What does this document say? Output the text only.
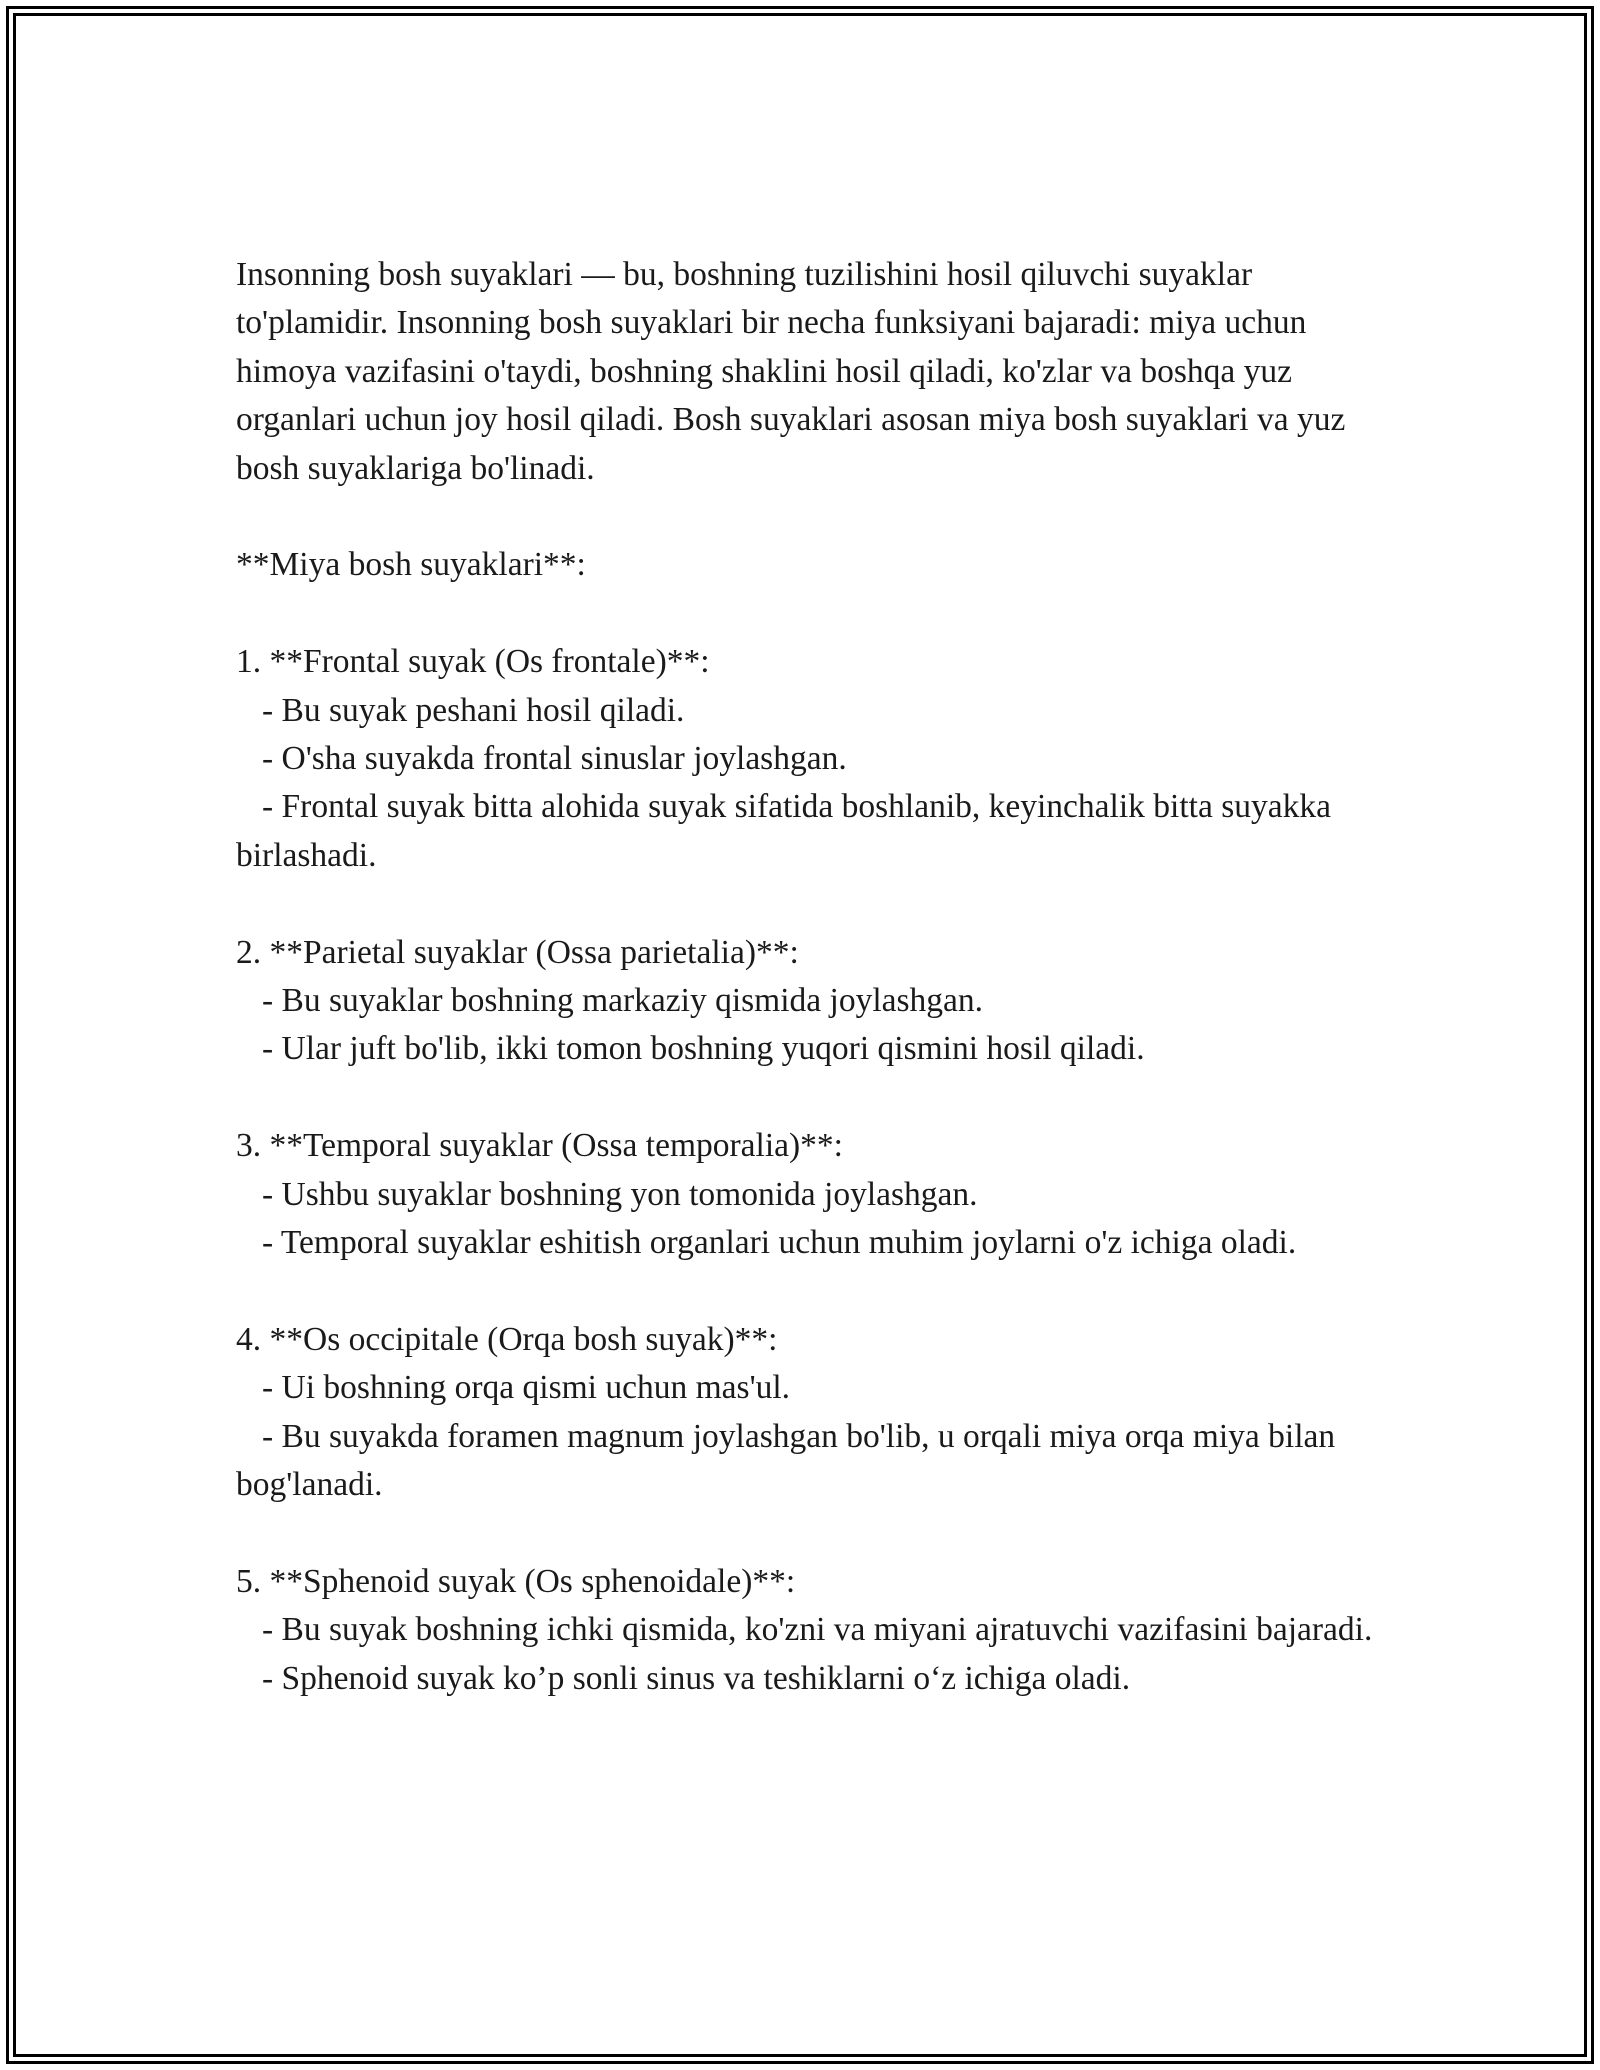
Insonning bosh suyaklari — bu, boshning tuzilishini hosil qiluvchi suyaklar to'plamidir. Insonning bosh suyaklari bir necha funksiyani bajaradi: miya uchun himoya vazifasini o'taydi, boshning shaklini hosil qiladi, ko'zlar va boshqa yuz organlari uchun joy hosil qiladi. Bosh suyaklari asosan miya bosh suyaklari va yuz bosh suyaklariga bo'linadi.

**Miya bosh suyaklari**:

1. **Frontal suyak (Os frontale)**:

- Bu suyak peshani hosil qiladi.

- O'sha suyakda frontal sinuslar joylashgan.

- Frontal suyak bitta alohida suyak sifatida boshlanib, keyinchalik bitta suyakka birlashadi.

2. **Parietal suyaklar (Ossa parietalia)**:

- Bu suyaklar boshning markaziy qismida joylashgan.

- Ular juft bo'lib, ikki tomon boshning yuqori qismini hosil qiladi.

3. **Temporal suyaklar (Ossa temporalia)**:

- Ushbu suyaklar boshning yon tomonida joylashgan.

- Temporal suyaklar eshitish organlari uchun muhim joylarni o'z ichiga oladi.

4. **Os occipitale (Orqa bosh suyak)**:

- Ui boshning orqa qismi uchun mas'ul.

- Bu suyakda foramen magnum joylashgan bo'lib, u orqali miya orqa miya bilan bog'lanadi.

5. **Sphenoid suyak (Os sphenoidale)**:

- Bu suyak boshning ichki qismida, ko'zni va miyani ajratuvchi vazifasini bajaradi.

- Sphenoid suyak ko’p sonli sinus va teshiklarni o‘z ichiga oladi.
